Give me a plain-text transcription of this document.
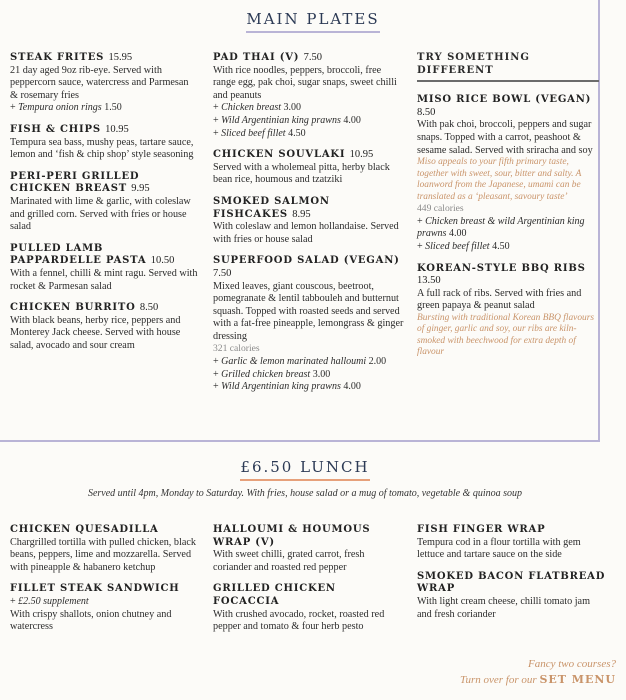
MAIN PLATES
STEAK FRITES 15.95
21 day aged 9oz rib-eye. Served with peppercorn sauce, watercress and Parmesan & rosemary fries
+ Tempura onion rings 1.50
FISH & CHIPS 10.95
Tempura sea bass, mushy peas, tartare sauce, lemon and ‘fish & chip shop’ style seasoning
PERI-PERI GRILLED CHICKEN BREAST 9.95
Marinated with lime & garlic, with coleslaw and grilled corn. Served with fries or house salad
PULLED LAMB PAPPARDELLE PASTA 10.50
With a fennel, chilli & mint ragu. Served with rocket & Parmesan salad
CHICKEN BURRITO 8.50
With black beans, herby rice, peppers and Monterey Jack cheese. Served with house salad, avocado and sour cream
PAD THAI (V) 7.50
With rice noodles, peppers, broccoli, free range egg, pak choi, sugar snaps, sweet chilli and peanuts
+ Chicken breast 3.00
+ Wild Argentinian king prawns 4.00
+ Sliced beef fillet 4.50
CHICKEN SOUVLAKI 10.95
Served with a wholemeal pitta, herby black bean rice, houmous and tzatziki
SMOKED SALMON FISHCAKES 8.95
With coleslaw and lemon hollandaise. Served with fries or house salad
SUPERFOOD SALAD (VEGAN) 7.50
Mixed leaves, giant couscous, beetroot, pomegranate & lentil tabbouleh and butternut squash. Topped with roasted seeds and served with a fat-free pineapple, lemongrass & ginger dressing
321 calories
+ Garlic & lemon marinated halloumi 2.00
+ Grilled chicken breast 3.00
+ Wild Argentinian king prawns 4.00
TRY SOMETHING DIFFERENT
MISO RICE BOWL (VEGAN) 8.50
With pak choi, broccoli, peppers and sugar snaps. Topped with a carrot, peashoot & sesame salad. Served with sriracha and soy
Miso appeals to your fifth primary taste, together with sweet, sour, bitter and salty. A loanword from the Japanese, umami can be translated as a ‘pleasant, savoury taste’
449 calories
+ Chicken breast & wild Argentinian king prawns 4.00
+ Sliced beef fillet 4.50
KOREAN-STYLE BBQ RIBS 13.50
A full rack of ribs. Served with fries and green papaya & peanut salad
Bursting with traditional Korean BBQ flavours of ginger, garlic and soy, our ribs are kiln-smoked with beechwood for extra depth of flavour
£6.50 LUNCH
Served until 4pm, Monday to Saturday. With fries, house salad or a mug of tomato, vegetable & quinoa soup
CHICKEN QUESADILLA
Chargrilled tortilla with pulled chicken, black beans, peppers, lime and mozzarella. Served with pineapple & habanero ketchup
FILLET STEAK SANDWICH
+ £2.50 supplement
With crispy shallots, onion chutney and watercress
HALLOUMI & HOUMOUS WRAP (V)
With sweet chilli, grated carrot, fresh coriander and roasted red pepper
GRILLED CHICKEN FOCACCIA
With crushed avocado, rocket, roasted red pepper and tomato & four herb pesto
FISH FINGER WRAP
Tempura cod in a flour tortilla with gem lettuce and tartare sauce on the side
SMOKED BACON FLATBREAD WRAP
With light cream cheese, chilli tomato jam and fresh coriander
Fancy two courses?
Turn over for our SET MENU
